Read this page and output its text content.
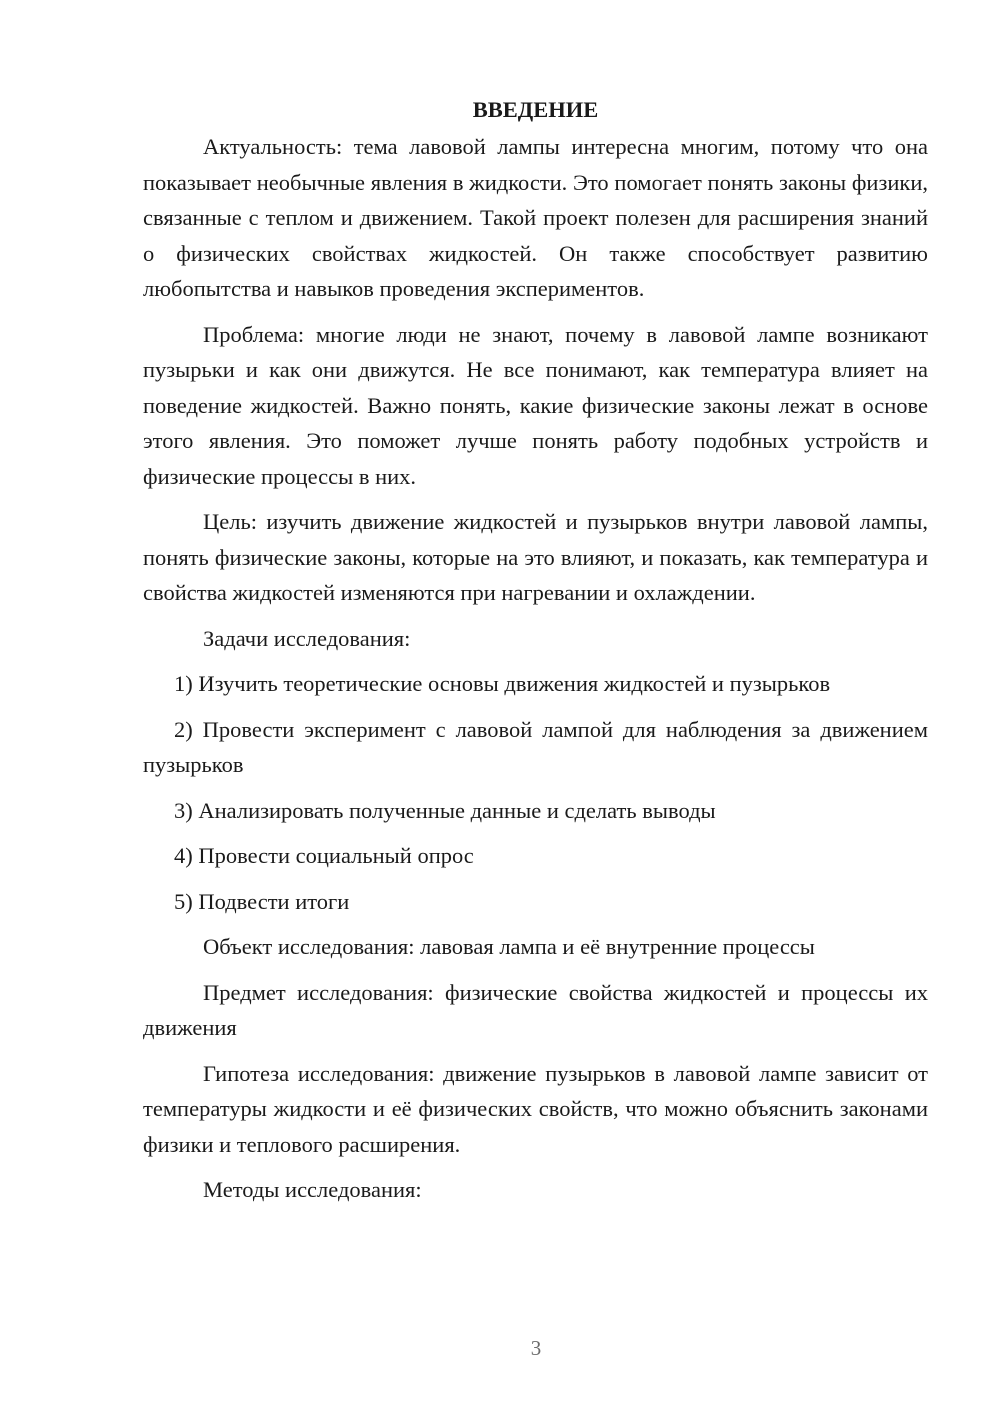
ВВЕДЕНИЕ

Актуальность: тема лавовой лампы интересна многим, потому что она показывает необычные явления в жидкости. Это помогает понять законы физики, связанные с теплом и движением. Такой проект полезен для расширения знаний о физических свойствах жидкостей. Он также способствует развитию любопытства и навыков проведения экспериментов.

Проблема: многие люди не знают, почему в лавовой лампе возникают пузырьки и как они движутся. Не все понимают, как температура влияет на поведение жидкостей. Важно понять, какие физические законы лежат в основе этого явления. Это поможет лучше понять работу подобных устройств и физические процессы в них.

Цель: изучить движение жидкостей и пузырьков внутри лавовой лампы, понять физические законы, которые на это влияют, и показать, как температура и свойства жидкостей изменяются при нагревании и охлаждении.

Задачи исследования:

1) Изучить теоретические основы движения жидкостей и пузырьков

2) Провести эксперимент с лавовой лампой для наблюдения за движением пузырьков

3) Анализировать полученные данные и сделать выводы

4) Провести социальный опрос

5) Подвести итоги

Объект исследования: лавовая лампа и её внутренние процессы

Предмет исследования: физические свойства жидкостей и процессы их движения

Гипотеза исследования: движение пузырьков в лавовой лампе зависит от температуры жидкости и её физических свойств, что можно объяснить законами физики и теплового расширения.

Методы исследования:

3
